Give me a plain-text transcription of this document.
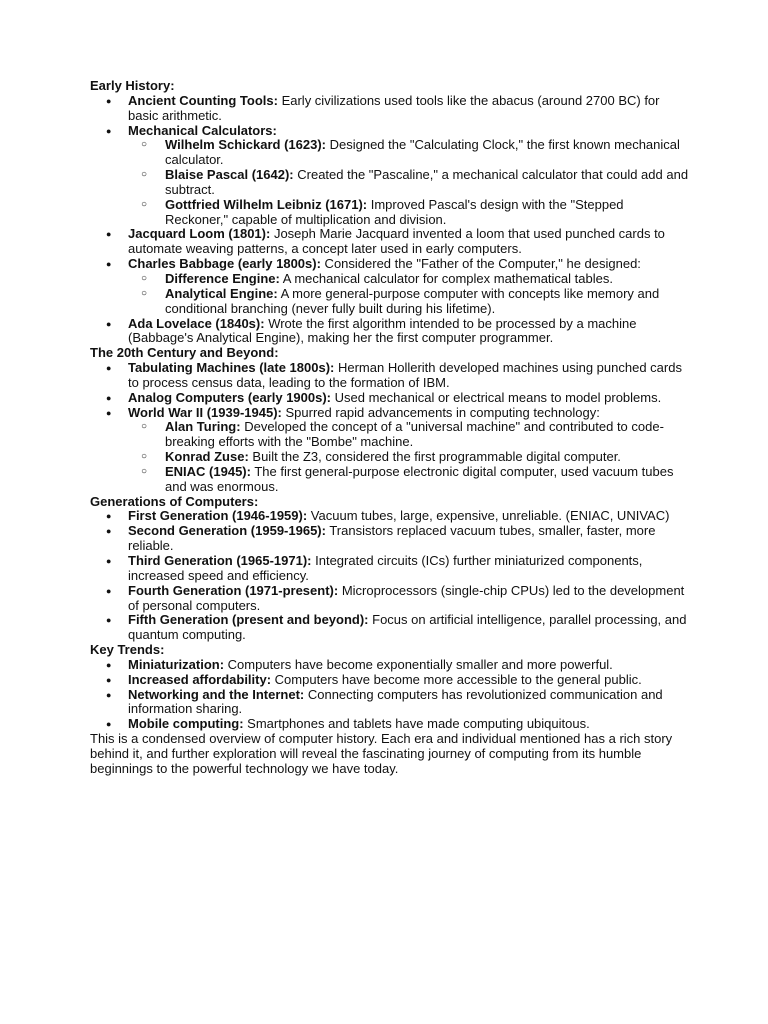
Early History:
● Ancient Counting Tools: Early civilizations used tools like the abacus (around 2700 BC) for basic arithmetic.
● Mechanical Calculators:
○ Wilhelm Schickard (1623): Designed the "Calculating Clock," the first known mechanical calculator.
○ Blaise Pascal (1642): Created the "Pascaline," a mechanical calculator that could add and subtract.
○ Gottfried Wilhelm Leibniz (1671): Improved Pascal's design with the "Stepped Reckoner," capable of multiplication and division.
● Jacquard Loom (1801): Joseph Marie Jacquard invented a loom that used punched cards to automate weaving patterns, a concept later used in early computers.
● Charles Babbage (early 1800s): Considered the "Father of the Computer," he designed:
○ Difference Engine: A mechanical calculator for complex mathematical tables.
○ Analytical Engine: A more general-purpose computer with concepts like memory and conditional branching (never fully built during his lifetime).
● Ada Lovelace (1840s): Wrote the first algorithm intended to be processed by a machine (Babbage's Analytical Engine), making her the first computer programmer.
The 20th Century and Beyond:
● Tabulating Machines (late 1800s): Herman Hollerith developed machines using punched cards to process census data, leading to the formation of IBM.
● Analog Computers (early 1900s): Used mechanical or electrical means to model problems.
● World War II (1939-1945): Spurred rapid advancements in computing technology:
○ Alan Turing: Developed the concept of a "universal machine" and contributed to code-breaking efforts with the "Bombe" machine.
○ Konrad Zuse: Built the Z3, considered the first programmable digital computer.
○ ENIAC (1945): The first general-purpose electronic digital computer, used vacuum tubes and was enormous.
Generations of Computers:
● First Generation (1946-1959): Vacuum tubes, large, expensive, unreliable. (ENIAC, UNIVAC)
● Second Generation (1959-1965): Transistors replaced vacuum tubes, smaller, faster, more reliable.
● Third Generation (1965-1971): Integrated circuits (ICs) further miniaturized components, increased speed and efficiency.
● Fourth Generation (1971-present): Microprocessors (single-chip CPUs) led to the development of personal computers.
● Fifth Generation (present and beyond): Focus on artificial intelligence, parallel processing, and quantum computing.
Key Trends:
● Miniaturization: Computers have become exponentially smaller and more powerful.
● Increased affordability: Computers have become more accessible to the general public.
● Networking and the Internet: Connecting computers has revolutionized communication and information sharing.
● Mobile computing: Smartphones and tablets have made computing ubiquitous.

This is a condensed overview of computer history. Each era and individual mentioned has a rich story behind it, and further exploration will reveal the fascinating journey of computing from its humble beginnings to the powerful technology we have today.
